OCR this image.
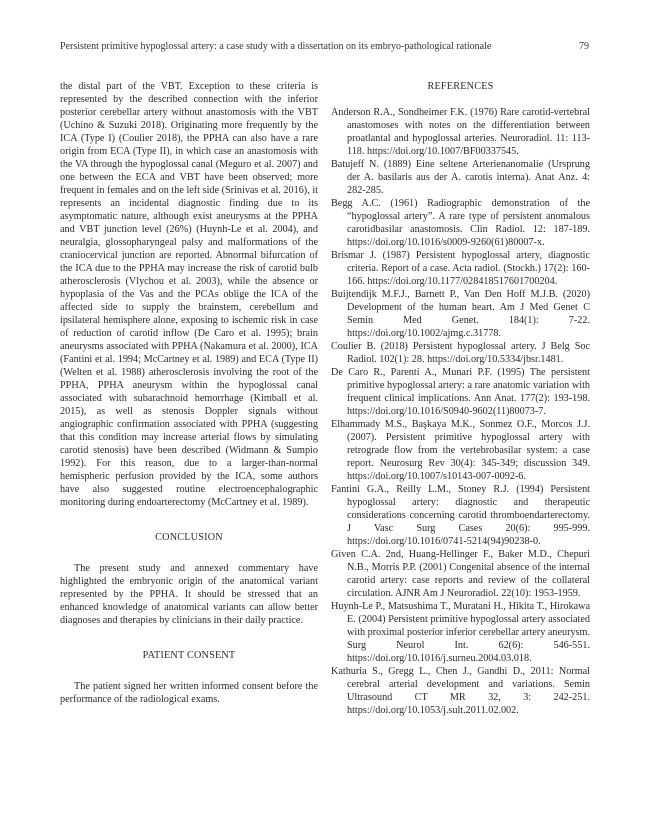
Persistent primitive hypoglossal artery: a case study with a dissertation on its embryo-pathological rationale	79

the distal part of the VBT. Exception to these criteria is represented by the described connection with the inferior posterior cerebellar artery without anastomosis with the VBT (Uchino & Suzuki 2018). Originating more frequently by the ICA (Type I) (Coulier 2018), the PPHA can also have a rare origin from ECA (Type II), in which case an anastomosis with the VA through the hypoglossal canal (Meguro et al. 2007) and one between the ECA and VBT have been observed; more frequent in females and on the left side (Srinivas et al. 2016), it represents an incidental diagnostic finding due to its asymptomatic nature, although exist aneurysms at the PPHA and VBT junction level (26%) (Huynh-Le et al. 2004), and neuralgia, glossopharyngeal palsy and malformations of the craniocervical junction are reported. Abnormal bifurcation of the ICA due to the PPHA may increase the risk of carotid bulb atherosclerosis (Vlychou et al. 2003), while the absence or hypoplasia of the Vas and the PCAs oblige the ICA of the affected side to supply the brainstem, cerebellum and ipsilateral hemisphere alone, exposing to ischemic risk in case of reduction of carotid inflow (De Caro et al. 1995); brain aneurysms associated with PPHA (Nakamura et al. 2000), ICA (Fantini et al. 1994; McCartney et al. 1989) and ECA (Type II) (Welten et al. 1988) atherosclerosis involving the root of the PPHA, PPHA aneurysm within the hypoglossal canal associated with subarachnoid hemorrhage (Kimball et al. 2015), as well as stenosis Doppler signals without angiographic confirmation associated with PPHA (suggesting that this condition may increase arterial flows by simulating carotid stenosis) have been described (Widmann & Sumpio 1992). For this reason, due to a larger-than-normal hemispheric perfusion provided by the ICA, some authors have also suggested routine electroencephalographic monitoring during endoarterectomy (McCartney et al. 1989).

CONCLUSION

The present study and annexed commentary have highlighted the embryonic origin of the anatomical variant represented by the PPHA. It should be stressed that an enhanced knowledge of anatomical variants can allow better diagnoses and therapies by clinicians in their daily practice.

PATIENT CONSENT

The patient signed her written informed consent before the performance of the radiological exams.

REFERENCES

Anderson R.A., Sondheimer F.K. (1976) Rare carotid-vertebral anastomoses with notes on the differentiation between proatlantal and hypoglossal arteries. Neuroradiol. 11: 113-118. https://doi.org/10.1007/BF00337545.

Batujeff N. (1889) Eine seltene Arterienanomalie (Ursprung der A. basilaris aus der A. carotis interna). Anat Anz. 4: 282-285.

Begg A.C. (1961) Radiographic demonstration of the “hypoglossal artery”. A rare type of persistent anomalous carotidbasilar anastomosis. Clin Radiol. 12: 187-189. https://doi.org/10.1016/s0009-9260(61)80007-x.

Brismar J. (1987) Persistent hypoglossal artery, diagnostic criteria. Report of a case. Acta radiol. (Stockh.) 17(2): 160-166. https://doi.org/10.1177/028418517601700204.

Buijtendijk M.F.J., Barnett P., Van Den Hoff M.J.B. (2020) Development of the human heart. Am J Med Genet C Semin Med Genet. 184(1): 7-22. https://doi.org/10.1002/ajmg.c.31778.

Coulier B. (2018) Persistent hypoglossal artery. J Belg Soc Radiol. 102(1): 28. https://doi.org/10.5334/jbsr.1481.

De Caro R., Parenti A., Munari P.F. (1995) The persistent primitive hypoglossal artery: a rare anatomic variation with frequent clinical implications. Ann Anat. 177(2): 193-198. https://doi.org/10.1016/S0940-9602(11)80073-7.

Elhammady M.S., Başkaya M.K., Sonmez O.F., Morcos J.J. (2007). Persistent primitive hypoglossal artery with retrograde flow from the vertebrobasilar system: a case report. Neurosurg Rev 30(4): 345-349; discussion 349. https://doi.org/10.1007/s10143-007-0092-6.

Fantini G.A., Reilly L.M., Stoney R.J. (1994) Persistent hypoglossal artery: diagnostic and therapeutic considerations concerning carotid thromboendarterectomy. J Vasc Surg Cases 20(6): 995-999. https://doi.org/10.1016/0741-5214(94)90238-0.

Given C.A. 2nd, Huang-Hellinger F., Baker M.D., Chepuri N.B., Morris P.P. (2001) Congenital absence of the internal carotid artery: case reports and review of the collateral circulation. AJNR Am J Neuroradiol. 22(10): 1953-1959.

Huynh-Le P., Matsushima T., Muratani H., Hikita T., Hirokawa E. (2004) Persistent primitive hypoglossal artery associated with proximal posterior inferior cerebellar artery aneurysm. Surg Neurol Int. 62(6): 546-551. https://doi.org/10.1016/j.surneu.2004.03.018.

Kathuria S., Gregg L., Chen J., Gandhi D., 2011: Normal cerebral arterial development and variations. Semin Ultrasound CT MR 32, 3: 242-251. https://doi.org/10.1053/j.sult.2011.02.002.
